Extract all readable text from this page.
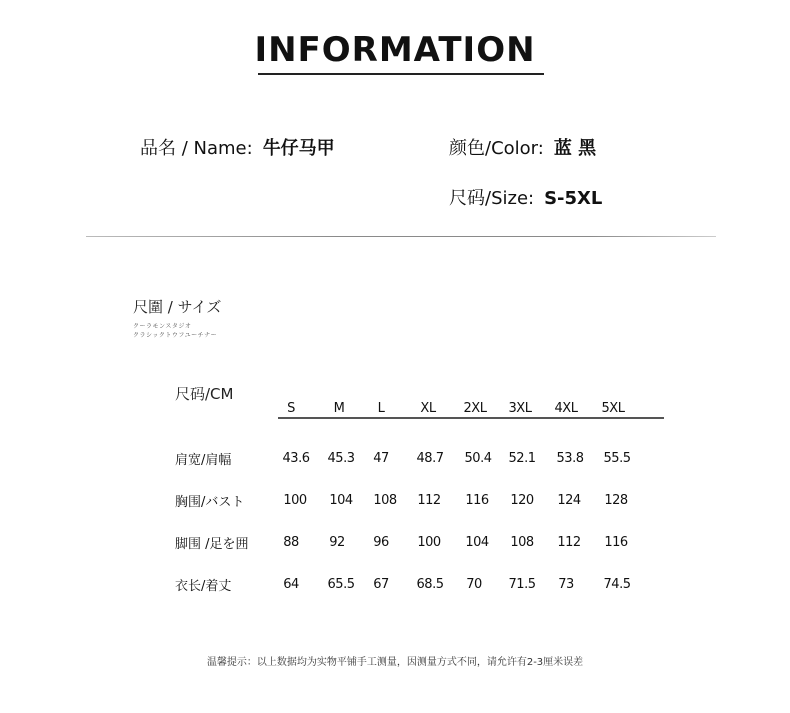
INFORMATION
品名 / Name: 牛仔马甲	颜色/Color: 蓝 黑
尺码/Size: S-5XL
尺圍 / サイズ
クーラモンスタジオ
クラシックトウフユーチナー
尺码/CM
S	M	L	XL 2XL 3XL 4XL 5XL
肩宽/肩幅	43.6 45.3 47 48.7 50.4 52.1 53.8 55.5
胸围/バスト	100 104 108 112 116 120 124 128
脚围 /足を囲	88 92 96 100 104 108 112 116
衣长/着丈	64 65.5 67 68.5 70 71.5 73 74.5
温馨提示：以上数据均为实物平铺手工测量，因测量方式不同，请允许有2-3厘米误差
